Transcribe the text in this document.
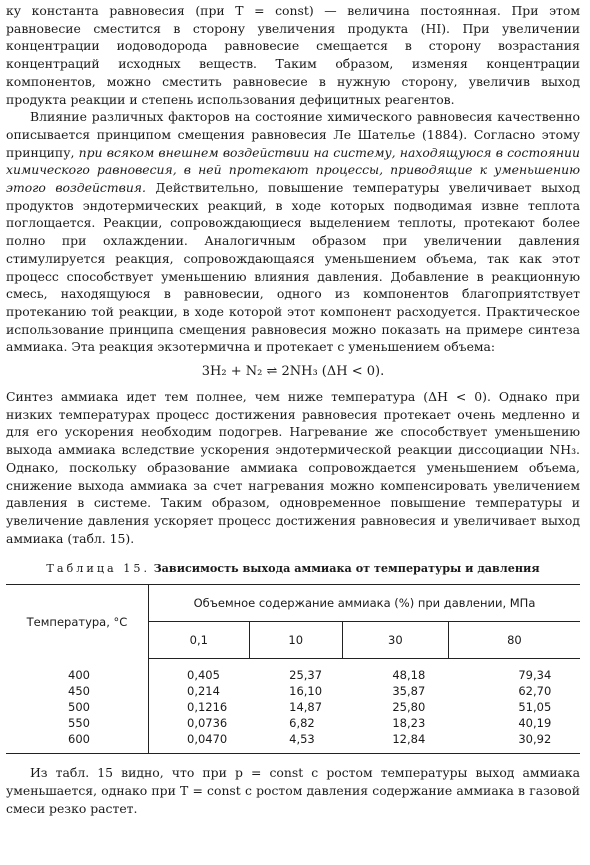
ку константа равновесия (при T = const) — величина постоянная. При этом равновесие сместится в сторону увеличения продукта (HI). При увеличении концентрации иодоводорода равновесие смещается в сторону возрастания концентраций исходных веществ. Таким образом, изменяя концентрации компонентов, можно сместить равновесие в нужную сторону, увеличив выход продукта реакции и степень использования дефицитных реагентов.

Влияние различных факторов на состояние химического равновесия качественно описывается принципом смещения равновесия Ле Шателье (1884). Согласно этому принципу, при всяком внешнем воздействии на систему, находящуюся в состоянии химического равновесия, в ней протекают процессы, приводящие к уменьшению этого воздействия. Действительно, повышение температуры увеличивает выход продуктов эндотермических реакций, в ходе которых подводимая извне теплота поглощается. Реакции, сопровождающиеся выделением теплоты, протекают более полно при охлаждении. Аналогичным образом при увеличении давления стимулируется реакция, сопровождающаяся уменьшением объема, так как этот процесс способствует уменьшению влияния давления. Добавление в реакционную смесь, находящуюся в равновесии, одного из компонентов благоприятствует протеканию той реакции, в ходе которой этот компонент расходуется. Практическое использование принципа смещения равновесия можно показать на примере синтеза аммиака. Эта реакция экзотермична и протекает с уменьшением объема:

3H₂ + N₂ ⇌ 2NH₃ (ΔH < 0).

Синтез аммиака идет тем полнее, чем ниже температура (ΔH < 0). Однако при низких температурах процесс достижения равновесия протекает очень медленно и для его ускорения необходим подогрев. Нагревание же способствует уменьшению выхода аммиака вследствие ускорения эндотермической реакции диссоциации NH₃. Однако, поскольку образование аммиака сопровождается уменьшением объема, снижение выхода аммиака за счет нагревания можно компенсировать увеличением давления в системе. Таким образом, одновременное повышение температуры и увеличение давления ускоряет процесс достижения равновесия и увеличивает выход аммиака (табл. 15).

Таблица 15. Зависимость выхода аммиака от температуры и давления
Температура, °С	Объемное содержание аммиака (%) при давлении, МПа			
	0,1	10	30	80
400	0,405	25,37	48,18	79,34
450	0,214	16,10	35,87	62,70
500	0,1216	14,87	25,80	51,05
550	0,0736	6,82	18,23	40,19
600	0,0470	4,53	12,84	30,92

Из табл. 15 видно, что при p = const с ростом температуры выход аммиака уменьшается, однако при T = const с ростом давления содержание аммиака в газовой смеси резко растет.
